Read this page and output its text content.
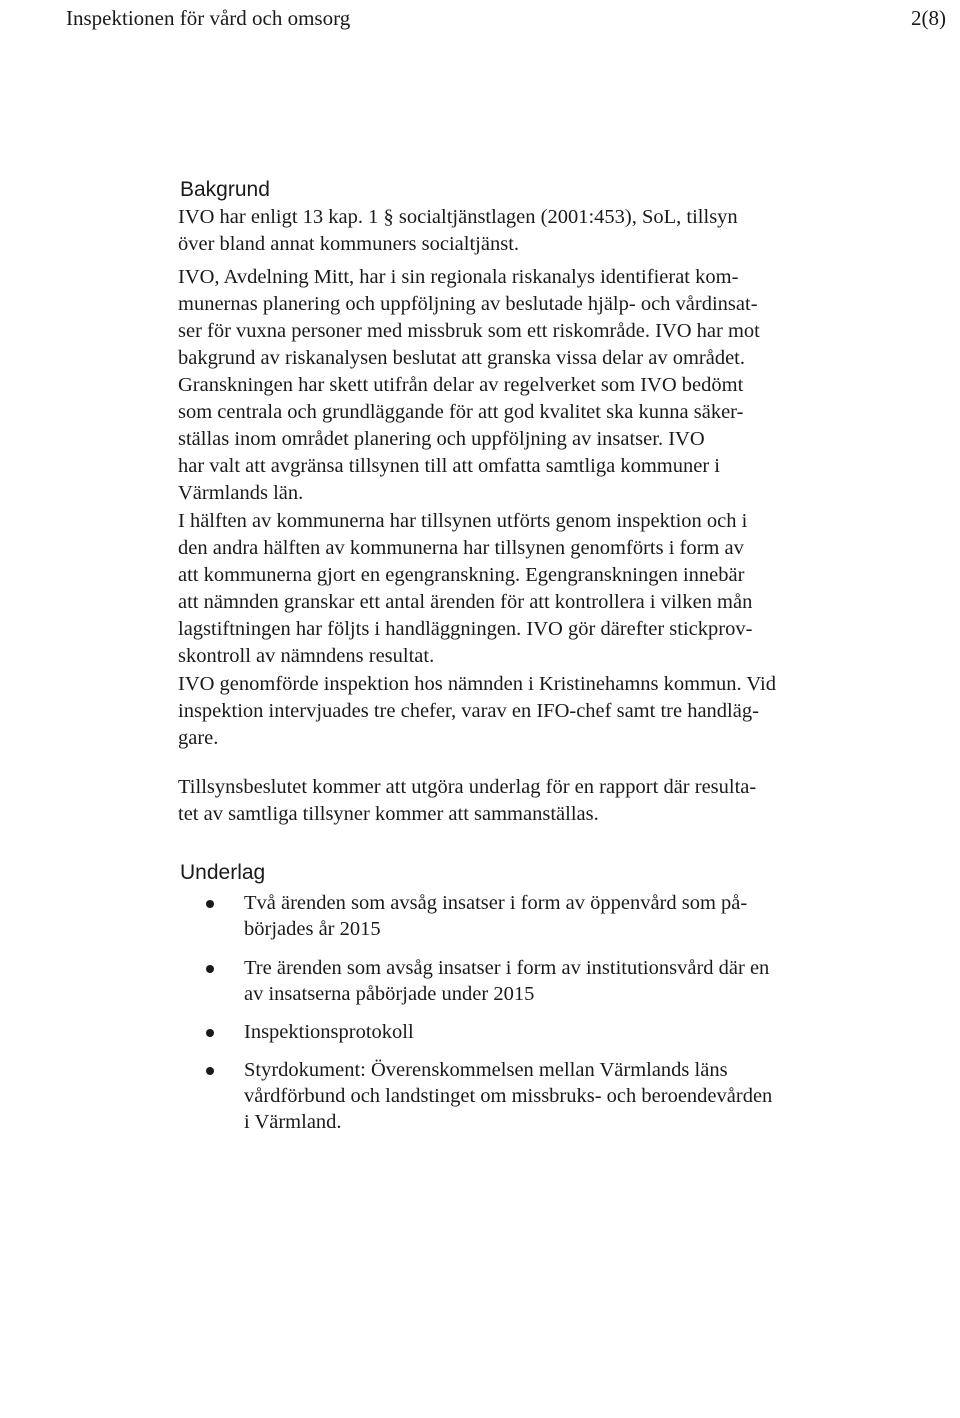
Inspektionen för vård och omsorg	2(8)
Bakgrund
IVO har enligt 13 kap. 1 § socialtjänstlagen (2001:453), SoL, tillsyn
över bland annat kommuners socialtjänst.
IVO, Avdelning Mitt, har i sin regionala riskanalys identifierat kom-
munernas planering och uppföljning av beslutade hjälp- och vårdinsat-
ser för vuxna personer med missbruk som ett riskområde. IVO har mot
bakgrund av riskanalysen beslutat att granska vissa delar av området.
Granskningen har skett utifrån delar av regelverket som IVO bedömt
som centrala och grundläggande för att god kvalitet ska kunna säker-
ställas inom området planering och uppföljning av insatser. IVO
har valt att avgränsa tillsynen till att omfatta samtliga kommuner i
Värmlands län.
I hälften av kommunerna har tillsynen utförts genom inspektion och i
den andra hälften av kommunerna har tillsynen genomförts i form av
att kommunerna gjort en egengranskning. Egengranskningen innebär
att nämnden granskar ett antal ärenden för att kontrollera i vilken mån
lagstiftningen har följts i handläggningen. IVO gör därefter stickprov-
skontroll av nämndens resultat.
IVO genomförde inspektion hos nämnden i Kristinehamns kommun. Vid
inspektion intervjuades tre chefer, varav en IFO-chef samt tre handläg-
gare.
Tillsynsbeslutet kommer att utgöra underlag för en rapport där resulta-
tet av samtliga tillsyner kommer att sammanställas.
Underlag
Två ärenden som avsåg insatser i form av öppenvård som på-
börjades år 2015
Tre ärenden som avsåg insatser i form av institutionsvård där en
av insatserna påbörjade under 2015
Inspektionsprotokoll
Styrdokument: Överenskommelsen mellan Värmlands läns
vårdförbund och landstinget om missbruks- och beroendevården
i Värmland.
